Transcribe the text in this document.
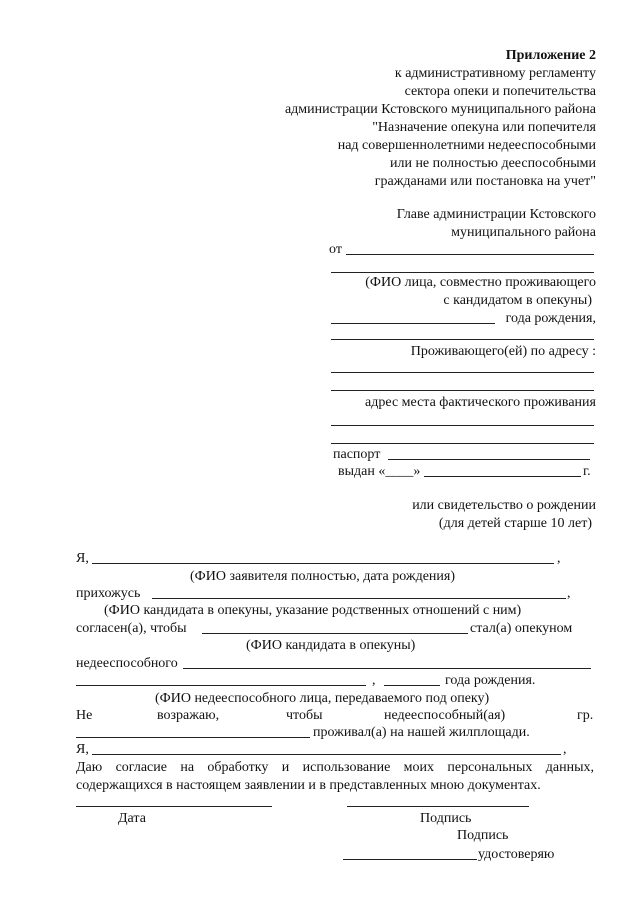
Приложение 2
к административному регламенту
сектора опеки и попечительства
администрации Кстовского муниципального района
"Назначение опекуна или попечителя
над совершеннолетними недееспособными
или не полностью дееспособными
гражданами или постановка на учет"
Главе администрации Кстовского
муниципального района
от
(ФИО лица, совместно проживающего
с кандидатом в опекуны)
года рождения,
Проживающего(ей) по адресу :
адрес места фактического проживания
паспорт
выдан «____»	г.
или свидетельство о рождении
(для детей старше 10 лет)
Я,	,
(ФИО заявителя полностью, дата рождения)
прихожусь	,
(ФИО кандидата в опекуны, указание родственных отношений с ним)
согласен(а), чтобы	стал(а) опекуном
(ФИО кандидата в опекуны)
недееспособного
,	года рождения.
(ФИО недееспособного лица, передаваемого под опеку)
Не	возражаю,	чтобы	недееспособный(ая)	гр.
проживал(а) на нашей жилплощади.
Я,	,
Даю согласие на обработку и использование моих персональных данных,
содержащихся в настоящем заявлении и в представленных мною документах.
Дата	Подпись
Подпись
удостоверяю
